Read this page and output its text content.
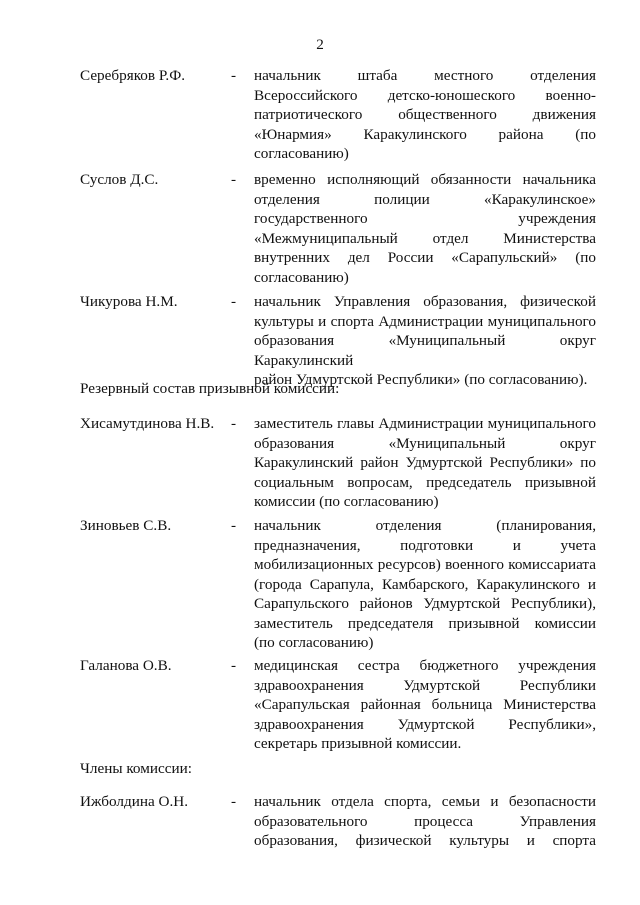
2
Серебряков Р.Ф.	- начальник штаба местного отделения
Всероссийского детско-юношеского военно-
патриотического общественного движения
«Юнармия» Каракулинского района (по
согласованию)
Суслов Д.С.	- временно исполняющий обязанности начальника
отделения полиции «Каракулинское»
государственного учреждения
«Межмуниципальный отдел Министерства
внутренних дел России «Сарапульский» (по
согласованию)
Чикурова Н.М.	- начальник Управления образования, физической
культуры и спорта Администрации муниципального
образования «Муниципальный округ Каракулинский
район Удмуртской Республики» (по согласованию).
Резервный состав призывной комиссии:
Хисамутдинова Н.В. - заместитель главы Администрации муниципального
образования «Муниципальный округ
Каракулинский район Удмуртской Республики» по
социальным вопросам, председатель призывной
комиссии (по согласованию)
Зиновьев С.В.	- начальник отделения (планирования,
предназначения, подготовки и учета
мобилизационных ресурсов) военного комиссариата
(города Сарапула, Камбарского, Каракулинского и
Сарапульского районов Удмуртской Республики),
заместитель председателя призывной комиссии
(по согласованию)
Галанова О.В.	- медицинская сестра бюджетного учреждения
здравоохранения Удмуртской Республики
«Сарапульская районная больница Министерства
здравоохранения Удмуртской Республики»,
секретарь призывной комиссии.
Члены комиссии:
Ижболдина О.Н.	- начальник отдела спорта, семьи и безопасности
образовательного процесса Управления
образования, физической культуры и спорта
